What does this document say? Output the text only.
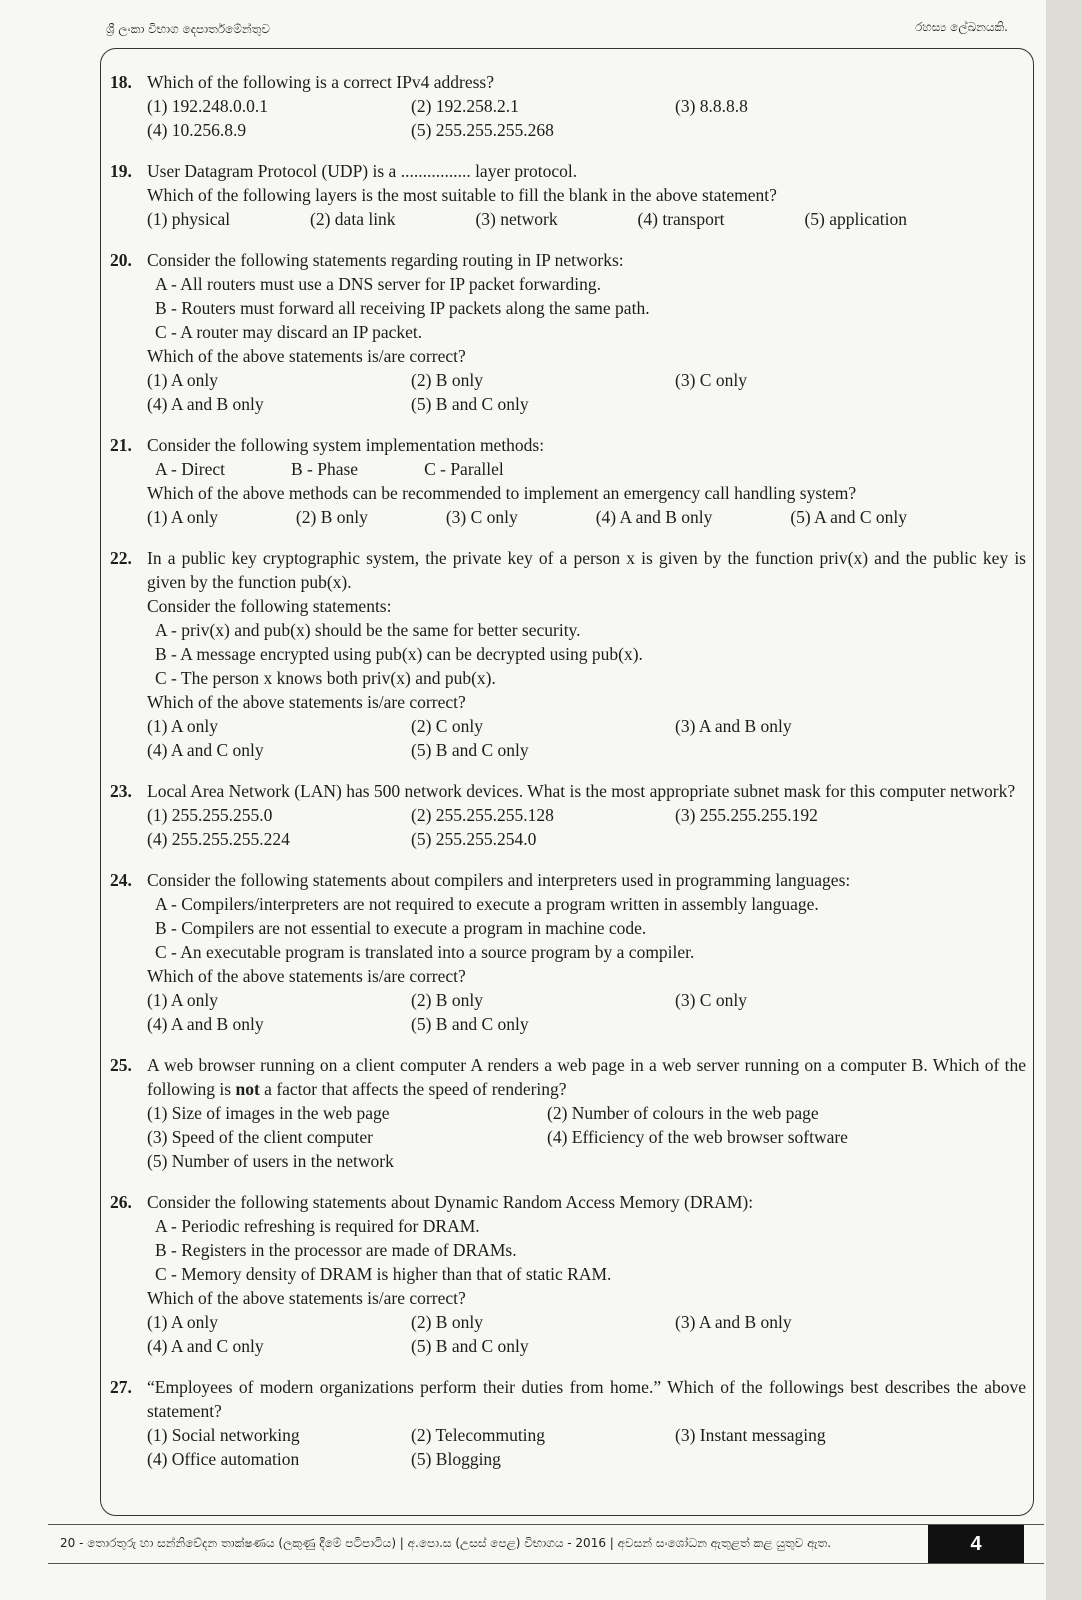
ශ්‍රී ලංකා විභාග දෙපාර්තමේන්තුව	රහස්‍ය ලේඛනයකි.
18. Which of the following is a correct IPv4 address?
(1) 192.248.0.0.1	(2) 192.258.2.1	(3) 8.8.8.8
(4) 10.256.8.9	(5) 255.255.255.268
19. User Datagram Protocol (UDP) is a ................ layer protocol.
Which of the following layers is the most suitable to fill the blank in the above statement?
(1) physical	(2) data link	(3) network	(4) transport	(5) application
20. Consider the following statements regarding routing in IP networks:
A - All routers must use a DNS server for IP packet forwarding.
B - Routers must forward all receiving IP packets along the same path.
C - A router may discard an IP packet.
Which of the above statements is/are correct?
(1) A only	(2) B only	(3) C only
(4) A and B only	(5) B and C only
21. Consider the following system implementation methods:
A - Direct	B - Phase	C - Parallel
Which of the above methods can be recommended to implement an emergency call handling system?
(1) A only	(2) B only	(3) C only	(4) A and B only	(5) A and C only
22. In a public key cryptographic system, the private key of a person x is given by the function priv(x) and the public key is given by the function pub(x).
Consider the following statements:
A - priv(x) and pub(x) should be the same for better security.
B - A message encrypted using pub(x) can be decrypted using pub(x).
C - The person x knows both priv(x) and pub(x).
Which of the above statements is/are correct?
(1) A only	(2) C only	(3) A and B only
(4) A and C only	(5) B and C only
23. Local Area Network (LAN) has 500 network devices. What is the most appropriate subnet mask for this computer network?
(1) 255.255.255.0	(2) 255.255.255.128	(3) 255.255.255.192
(4) 255.255.255.224	(5) 255.255.254.0
24. Consider the following statements about compilers and interpreters used in programming languages:
A - Compilers/interpreters are not required to execute a program written in assembly language.
B - Compilers are not essential to execute a program in machine code.
C - An executable program is translated into a source program by a compiler.
Which of the above statements is/are correct?
(1) A only	(2) B only	(3) C only
(4) A and B only	(5) B and C only
25. A web browser running on a client computer A renders a web page in a web server running on a computer B. Which of the following is not a factor that affects the speed of rendering?
(1) Size of images in the web page	(2) Number of colours in the web page
(3) Speed of the client computer	(4) Efficiency of the web browser software
(5) Number of users in the network
26. Consider the following statements about Dynamic Random Access Memory (DRAM):
A - Periodic refreshing is required for DRAM.
B - Registers in the processor are made of DRAMs.
C - Memory density of DRAM is higher than that of static RAM.
Which of the above statements is/are correct?
(1) A only	(2) B only	(3) A and B only
(4) A and C only	(5) B and C only
27. “Employees of modern organizations perform their duties from home.” Which of the followings best describes the above statement?
(1) Social networking	(2) Telecommuting	(3) Instant messaging
(4) Office automation	(5) Blogging
20 - තොරතුරු හා සන්නිවේදන තාක්ෂණය (ලකුණු දීමේ පටිපාටිය) | අ.පො.ස (උසස් පෙළ) විභාගය - 2016 | අවසන් සංශෝධන ඇතුළත් කළ යුතුව ඇත.	4
